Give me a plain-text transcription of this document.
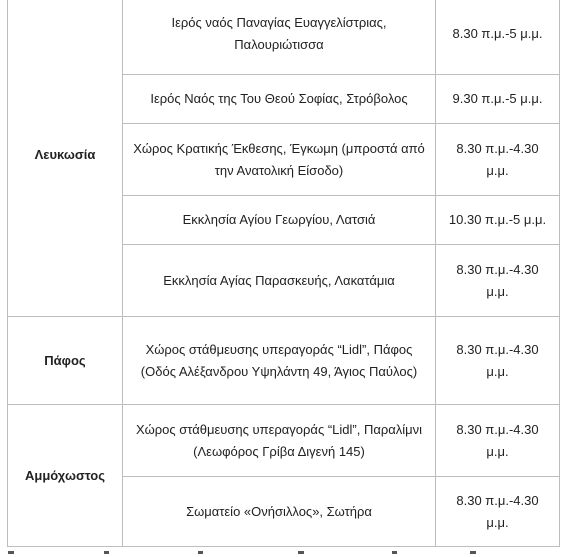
Λευκωσία	Ιερός ναός Παναγίας Ευαγγελίστριας, Παλουριώτισσα	8.30 π.μ.-5 μ.μ.
	Ιερός Ναός της Του Θεού Σοφίας, Στρόβολος	9.30 π.μ.-5 μ.μ.
	Χώρος Κρατικής Έκθεσης, Έγκωμη (μπροστά από την Ανατολική Είσοδο)	8.30 π.μ.-4.30 μ.μ.
	Εκκλησία Αγίου Γεωργίου, Λατσιά	10.30 π.μ.-5 μ.μ.
	Εκκλησία Αγίας Παρασκευής, Λακατάμια	8.30 π.μ.-4.30 μ.μ.
Πάφος	Χώρος στάθμευσης υπεραγοράς “Lidl”, Πάφος (Οδός Αλέξανδρου Υψηλάντη 49, Άγιος Παύλος)	8.30 π.μ.-4.30 μ.μ.
Αμμόχωστος	Χώρος στάθμευσης υπεραγοράς “Lidl”, Παραλίμνι (Λεωφόρος Γρίβα Διγενή 145)	8.30 π.μ.-4.30 μ.μ.
	Σωματείο «Ονήσιλλος», Σωτήρα	8.30 π.μ.-4.30 μ.μ.
